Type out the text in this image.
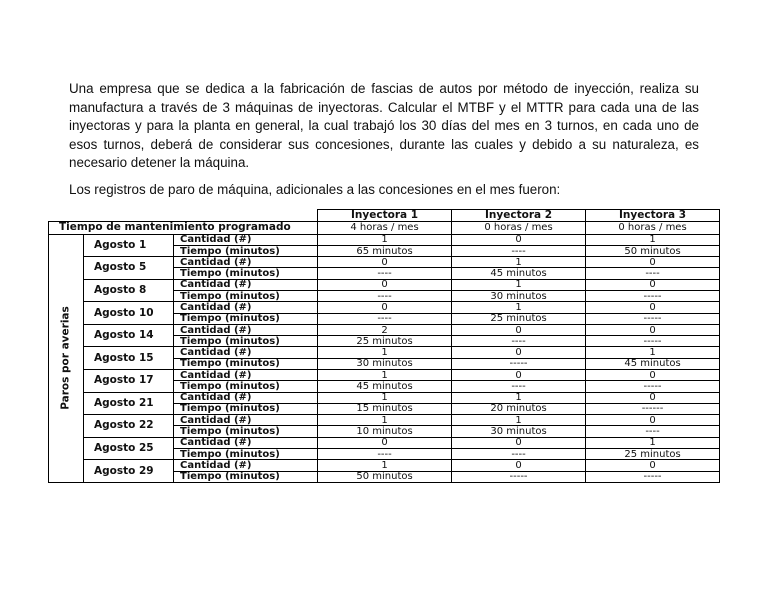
Una empresa que se dedica a la fabricación de fascias de autos por método de inyección, realiza su manufactura a través de 3 máquinas de inyectoras. Calcular el MTBF y el MTTR para cada una de las inyectoras y para la planta en general, la cual trabajó los 30 días del mes en 3 turnos, en cada uno de esos turnos, deberá de considerar sus concesiones, durante las cuales y debido a su naturaleza, es necesario detener la máquina.

Los registros de paro de máquina, adicionales a las concesiones en el mes fueron:

			Inyectora 1	Inyectora 2	Inyectora 3
Tiempo de mantenimiento programado			4 horas / mes	0 horas / mes	0 horas / mes

Paros por averias	Agosto 1	Cantidad (#)	1	0	1
		Tiempo (minutos)	65 minutos	----	50 minutos
	Agosto 5	Cantidad (#)	0	1	0
		Tiempo (minutos)	----	45 minutos	----
	Agosto 8	Cantidad (#)	0	1	0
		Tiempo (minutos)	----	30 minutos	-----
	Agosto 10	Cantidad (#)	0	1	0
		Tiempo (minutos)	----	25 minutos	-----
	Agosto 14	Cantidad (#)	2	0	0
		Tiempo (minutos)	25 minutos	----	-----
	Agosto 15	Cantidad (#)	1	0	1
		Tiempo (minutos)	30 minutos	-----	45 minutos
	Agosto 17	Cantidad (#)	1	0	0
		Tiempo (minutos)	45 minutos	----	-----
	Agosto 21	Cantidad (#)	1	1	0
		Tiempo (minutos)	15 minutos	20 minutos	------
	Agosto 22	Cantidad (#)	1	1	0
		Tiempo (minutos)	10 minutos	30 minutos	----
	Agosto 25	Cantidad (#)	0	0	1
		Tiempo (minutos)	----	----	25 minutos
	Agosto 29	Cantidad (#)	1	0	0
		Tiempo (minutos)	50 minutos	-----	-----
